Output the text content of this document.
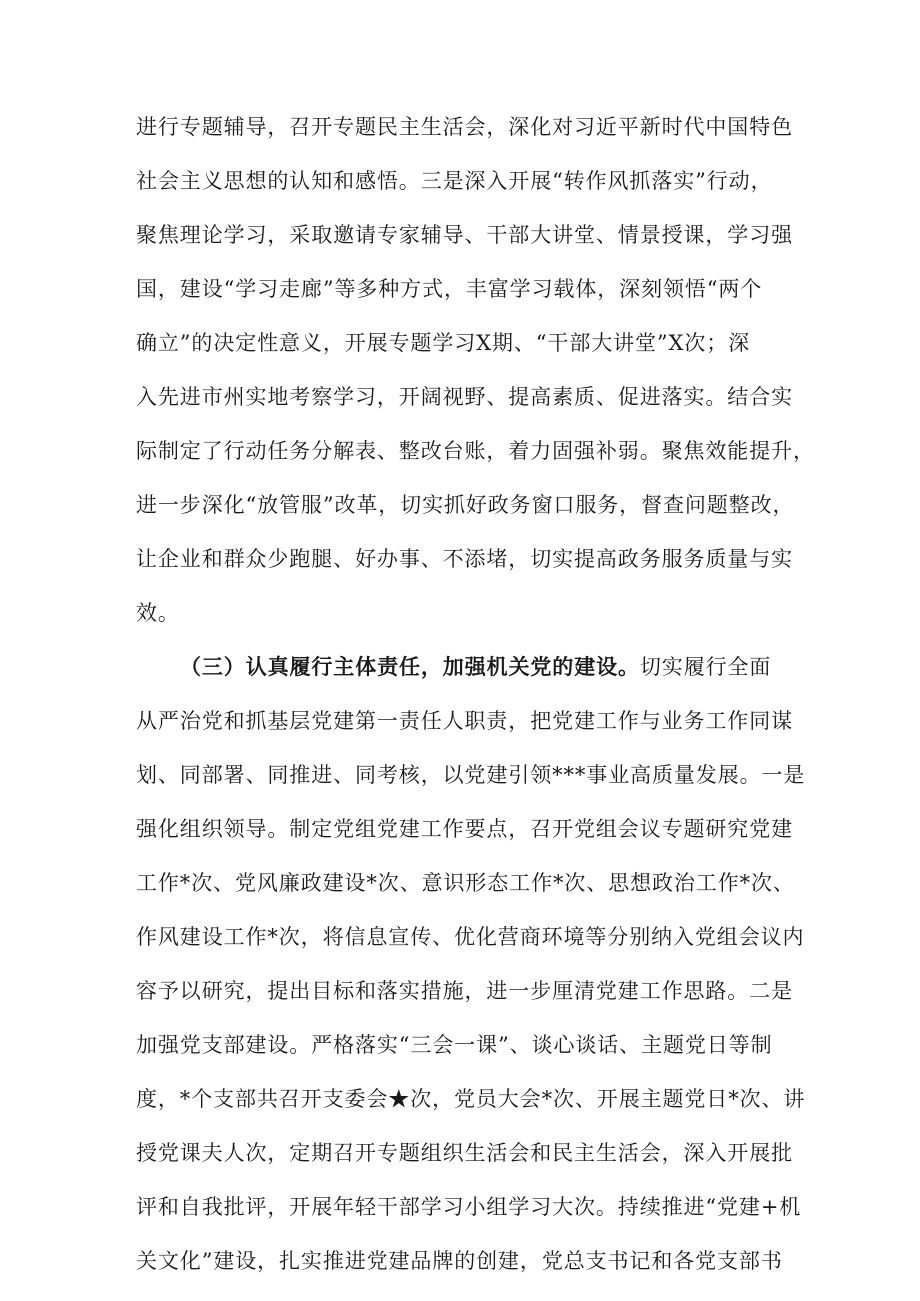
进行专题辅导，召开专题民主生活会，深化对习近平新时代中国特色
社会主义思想的认知和感悟。三是深入开展“转作风抓落实”行动，
聚焦理论学习，采取邀请专家辅导、干部大讲堂、情景授课，学习强
国，建设“学习走廊”等多种方式，丰富学习载体，深刻领悟“两个
确立”的决定性意义，开展专题学习X期、“干部大讲堂”X次；深
入先进市州实地考察学习，开阔视野、提高素质、促进落实。结合实
际制定了行动任务分解表、整改台账，着力固强补弱。聚焦效能提升，
进一步深化“放管服”改革，切实抓好政务窗口服务，督查问题整改，
让企业和群众少跑腿、好办事、不添堵，切实提高政务服务质量与实
效。
（三）认真履行主体责任，加强机关党的建设。切实履行全面
从严治党和抓基层党建第一责任人职责，把党建工作与业务工作同谋
划、同部署、同推进、同考核，以党建引领***事业高质量发展。一是
强化组织领导。制定党组党建工作要点，召开党组会议专题研究党建
工作*次、党风廉政建设*次、意识形态工作*次、思想政治工作*次、
作风建设工作*次，将信息宣传、优化营商环境等分别纳入党组会议内
容予以研究，提出目标和落实措施，进一步厘清党建工作思路。二是
加强党支部建设。严格落实“三会一课”、谈心谈话、主题党日等制
度，*个支部共召开支委会★次，党员大会*次、开展主题党日*次、讲
授党课夫人次，定期召开专题组织生活会和民主生活会，深入开展批
评和自我批评，开展年轻干部学习小组学习大次。持续推进“党建+机
关文化”建设，扎实推进党建品牌的创建，党总支书记和各党支部书
